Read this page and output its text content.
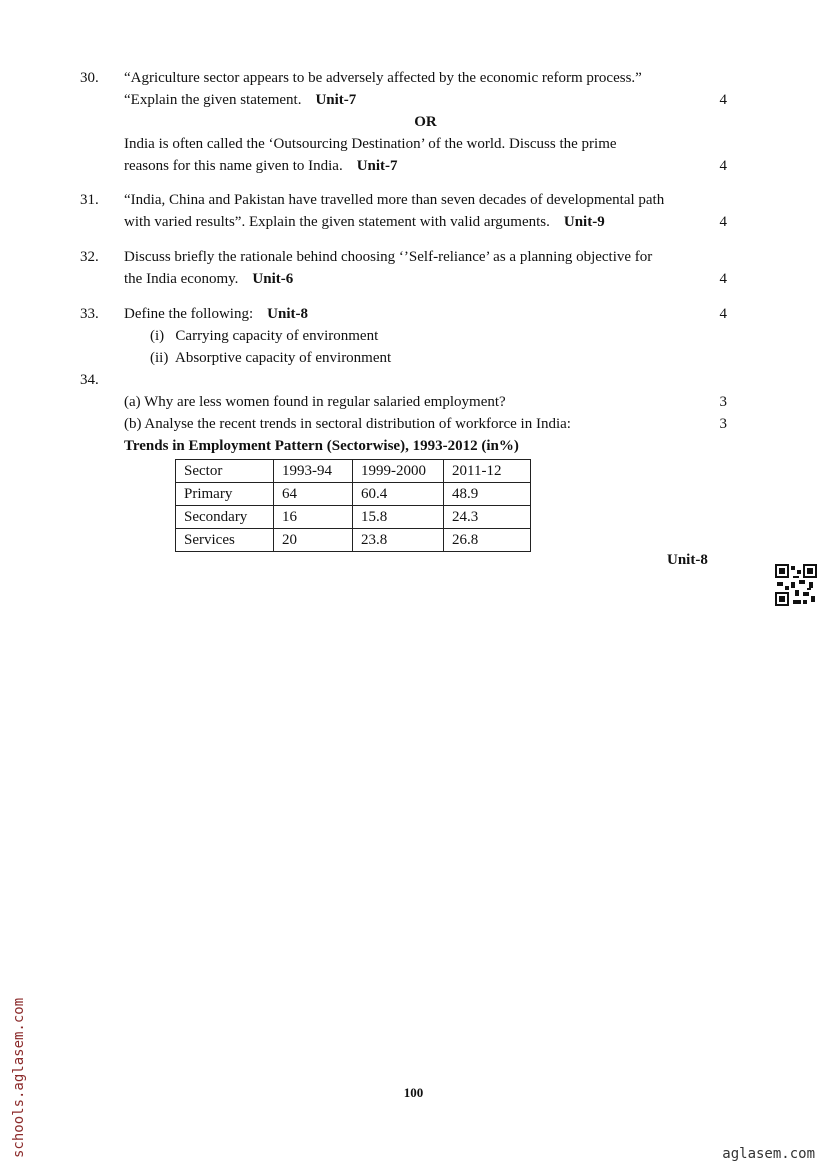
30.	“Agriculture sector appears to be adversely affected by the economic reform process.”
“Explain the given statement. Unit-7	4
OR
India is often called the ‘Outsourcing Destination’ of the world. Discuss the prime
reasons for this name given to India. Unit-7	4
31.	“India, China and Pakistan have travelled more than seven decades of developmental path
with varied results”. Explain the given statement with valid arguments. Unit-9	4
32.	Discuss briefly the rationale behind choosing ‘’Self-reliance’ as a planning objective for
the India economy. Unit-6	4
33.	Define the following: Unit-8	4
(i)   Carrying capacity of environment
(ii)  Absorptive capacity of environment
34.
(a) Why are less women found in regular salaried employment?	3
(b) Analyse the recent trends in sectoral distribution of workforce in India:	3
Trends in Employment Pattern (Sectorwise), 1993-2012 (in%)
Sector	1993-94	1999-2000	2011-12
Primary	64	60.4	48.9
Secondary	16	15.8	24.3
Services	20	23.8	26.8
Unit-8
100
schools.aglasem.com	aglasem.com
